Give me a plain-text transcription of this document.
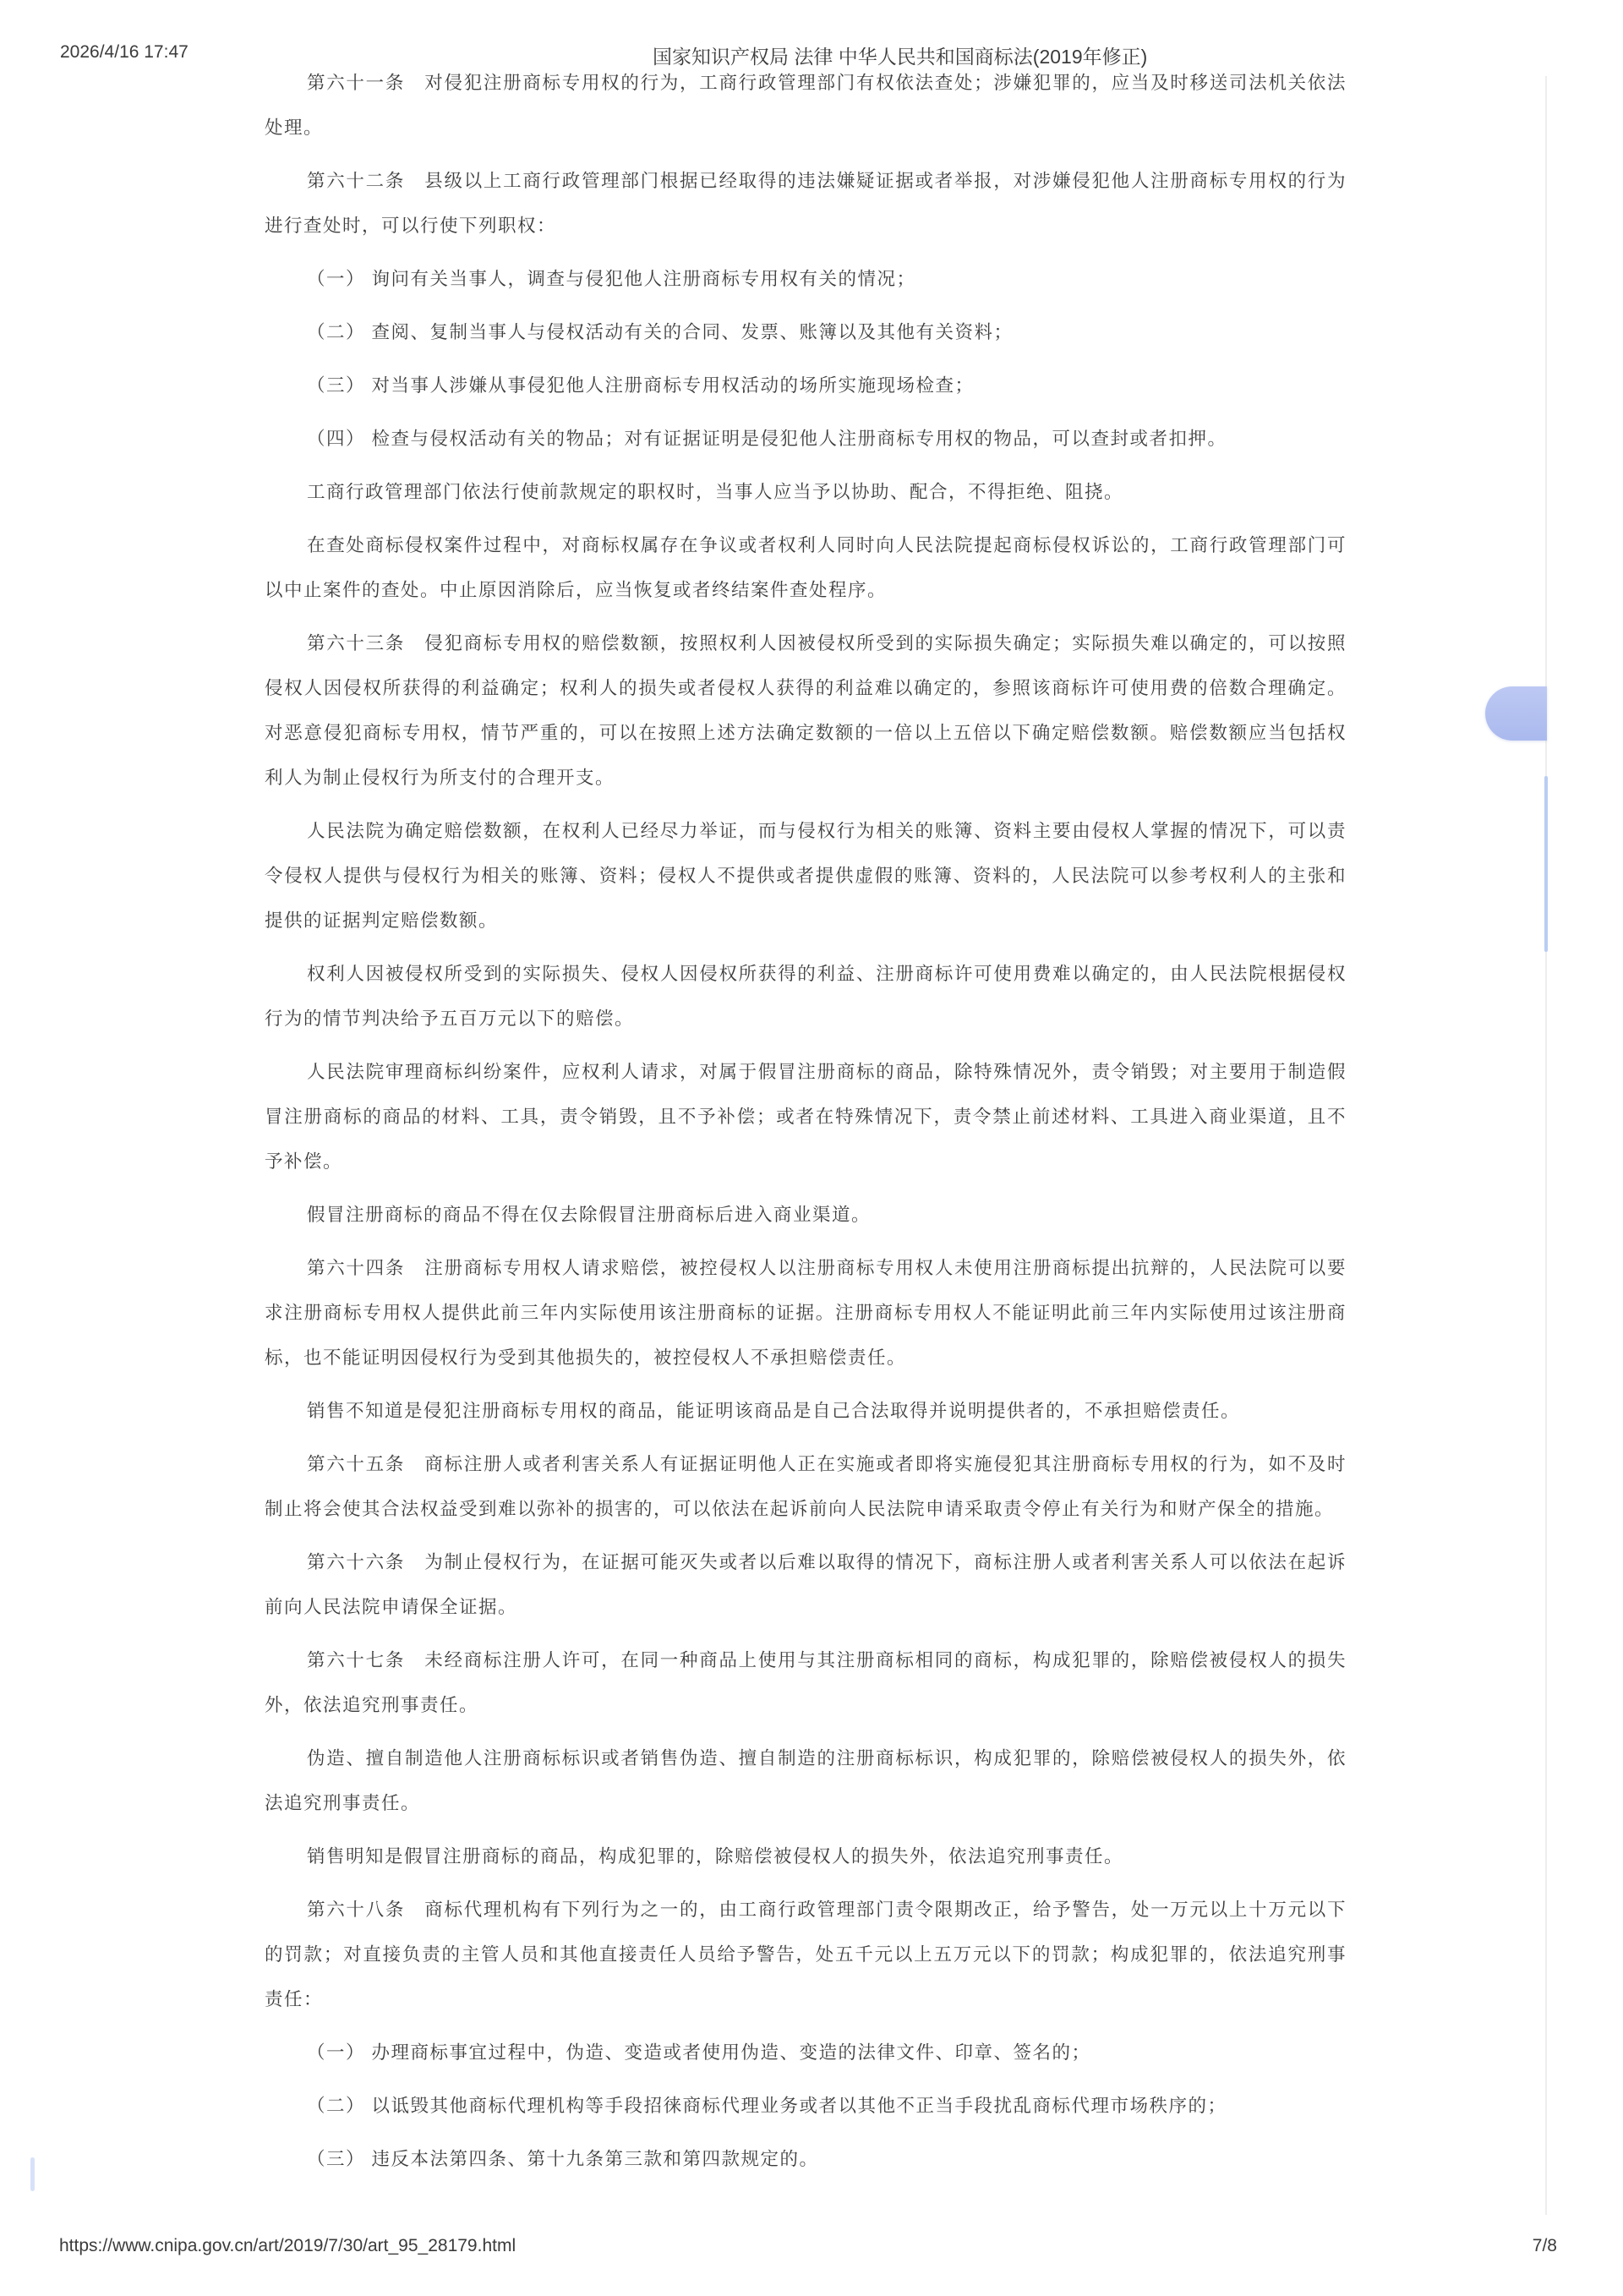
2026/4/16 17:47	国家知识产权局 法律 中华人民共和国商标法(2019年修正)

第六十一条　对侵犯注册商标专用权的行为，工商行政管理部门有权依法查处；涉嫌犯罪的，应当及时移送司法机关依法处理。

第六十二条　县级以上工商行政管理部门根据已经取得的违法嫌疑证据或者举报，对涉嫌侵犯他人注册商标专用权的行为进行查处时，可以行使下列职权：

（一） 询问有关当事人，调查与侵犯他人注册商标专用权有关的情况；

（二） 查阅、复制当事人与侵权活动有关的合同、发票、账簿以及其他有关资料；

（三） 对当事人涉嫌从事侵犯他人注册商标专用权活动的场所实施现场检查；

（四） 检查与侵权活动有关的物品；对有证据证明是侵犯他人注册商标专用权的物品，可以查封或者扣押。

工商行政管理部门依法行使前款规定的职权时，当事人应当予以协助、配合，不得拒绝、阻挠。

在查处商标侵权案件过程中，对商标权属存在争议或者权利人同时向人民法院提起商标侵权诉讼的，工商行政管理部门可以中止案件的查处。中止原因消除后，应当恢复或者终结案件查处程序。

第六十三条　侵犯商标专用权的赔偿数额，按照权利人因被侵权所受到的实际损失确定；实际损失难以确定的，可以按照侵权人因侵权所获得的利益确定；权利人的损失或者侵权人获得的利益难以确定的，参照该商标许可使用费的倍数合理确定。对恶意侵犯商标专用权，情节严重的，可以在按照上述方法确定数额的一倍以上五倍以下确定赔偿数额。赔偿数额应当包括权利人为制止侵权行为所支付的合理开支。

人民法院为确定赔偿数额，在权利人已经尽力举证，而与侵权行为相关的账簿、资料主要由侵权人掌握的情况下，可以责令侵权人提供与侵权行为相关的账簿、资料；侵权人不提供或者提供虚假的账簿、资料的，人民法院可以参考权利人的主张和提供的证据判定赔偿数额。

权利人因被侵权所受到的实际损失、侵权人因侵权所获得的利益、注册商标许可使用费难以确定的，由人民法院根据侵权行为的情节判决给予五百万元以下的赔偿。

人民法院审理商标纠纷案件，应权利人请求，对属于假冒注册商标的商品，除特殊情况外，责令销毁；对主要用于制造假冒注册商标的商品的材料、工具，责令销毁，且不予补偿；或者在特殊情况下，责令禁止前述材料、工具进入商业渠道，且不予补偿。

假冒注册商标的商品不得在仅去除假冒注册商标后进入商业渠道。

第六十四条　注册商标专用权人请求赔偿，被控侵权人以注册商标专用权人未使用注册商标提出抗辩的，人民法院可以要求注册商标专用权人提供此前三年内实际使用该注册商标的证据。注册商标专用权人不能证明此前三年内实际使用过该注册商标，也不能证明因侵权行为受到其他损失的，被控侵权人不承担赔偿责任。

销售不知道是侵犯注册商标专用权的商品，能证明该商品是自己合法取得并说明提供者的，不承担赔偿责任。

第六十五条　商标注册人或者利害关系人有证据证明他人正在实施或者即将实施侵犯其注册商标专用权的行为，如不及时制止将会使其合法权益受到难以弥补的损害的，可以依法在起诉前向人民法院申请采取责令停止有关行为和财产保全的措施。

第六十六条　为制止侵权行为，在证据可能灭失或者以后难以取得的情况下，商标注册人或者利害关系人可以依法在起诉前向人民法院申请保全证据。

第六十七条　未经商标注册人许可，在同一种商品上使用与其注册商标相同的商标，构成犯罪的，除赔偿被侵权人的损失外，依法追究刑事责任。

伪造、擅自制造他人注册商标标识或者销售伪造、擅自制造的注册商标标识，构成犯罪的，除赔偿被侵权人的损失外，依法追究刑事责任。

销售明知是假冒注册商标的商品，构成犯罪的，除赔偿被侵权人的损失外，依法追究刑事责任。

第六十八条　商标代理机构有下列行为之一的，由工商行政管理部门责令限期改正，给予警告，处一万元以上十万元以下的罚款；对直接负责的主管人员和其他直接责任人员给予警告，处五千元以上五万元以下的罚款；构成犯罪的，依法追究刑事责任：

（一） 办理商标事宜过程中，伪造、变造或者使用伪造、变造的法律文件、印章、签名的；

（二） 以诋毁其他商标代理机构等手段招徕商标代理业务或者以其他不正当手段扰乱商标代理市场秩序的；

（三） 违反本法第四条、第十九条第三款和第四款规定的。

https://www.cnipa.gov.cn/art/2019/7/30/art_95_28179.html	7/8
